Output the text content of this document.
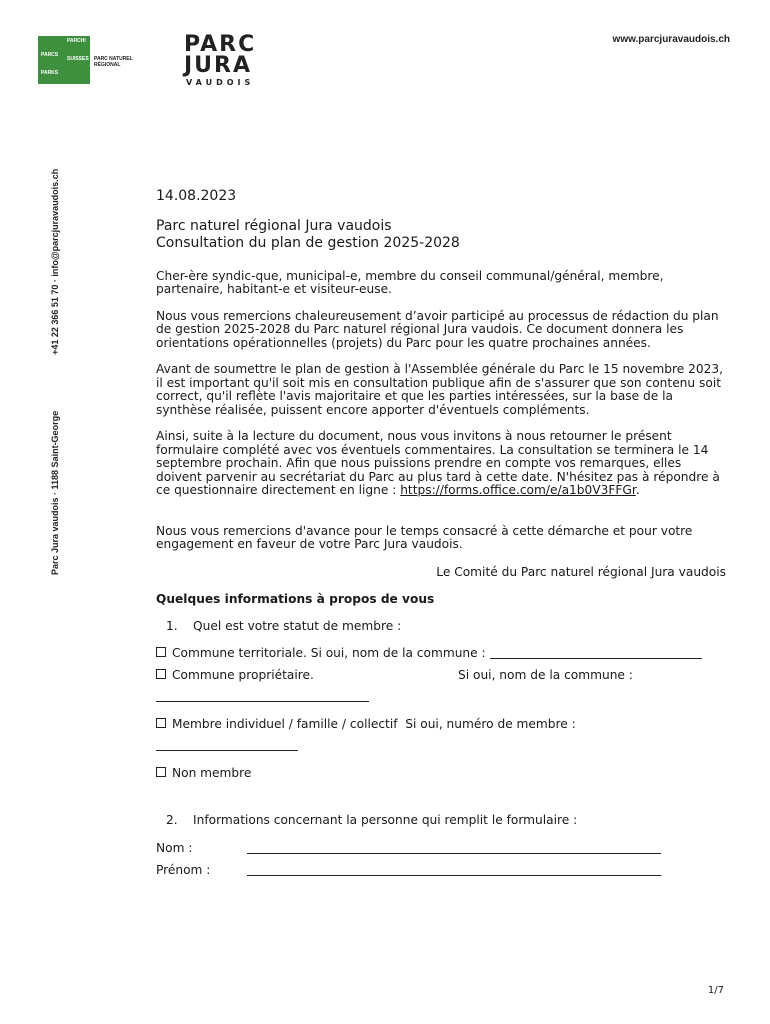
PARCS
PARCHI
SUISSES
PARKS
PARC NATUREL
RÉGIONAL
PARC
JURA
VAUDOIS
www.parcjuravaudois.ch
Parc Jura vaudois · 1188 Saint-George+41 22 366 51 70 · info@parcjuravaudois.ch	14.08.2023
Parc naturel régional Jura vaudois
Consultation du plan de gestion 2025-2028
Cher-ère syndic-que, municipal-e, membre du conseil communal/général, membre, partenaire, habitant-e et visiteur-euse.
Nous vous remercions chaleureusement d’avoir participé au processus de rédaction du plan de gestion 2025-2028 du Parc naturel régional Jura vaudois. Ce document donnera les orientations opérationnelles (projets) du Parc pour les quatre prochaines années.
Avant de soumettre le plan de gestion à l'Assemblée générale du Parc le 15 novembre 2023, il est important qu'il soit mis en consultation publique afin de s'assurer que son contenu soit correct, qu'il reflète l'avis majoritaire et que les parties intéressées, sur la base de la synthèse réalisée, puissent encore apporter d'éventuels compléments.
Ainsi, suite à la lecture du document, nous vous invitons à nous retourner le présent formulaire complété avec vos éventuels commentaires. La consultation se terminera le 14 septembre prochain. Afin que nous puissions prendre en compte vos remarques, elles doivent parvenir au secrétariat du Parc au plus tard à cette date. N'hésitez pas à répondre à ce questionnaire directement en ligne : https://forms.office.com/e/a1b0V3FFGr.
Nous vous remercions d'avance pour le temps consacré à cette démarche et pour votre engagement en faveur de votre Parc Jura vaudois.
Le Comité du Parc naturel régional Jura vaudois
Quelques informations à propos de vous
1. Quel est votre statut de membre :
Commune territoriale. Si oui, nom de la commune :
Commune propriétaire.	Si oui, nom de la commune :
Membre individuel / famille / collectif Si oui, numéro de membre :
Non membre
2. Informations concernant la personne qui remplit le formulaire :
Nom :
Prénom :
1/7
